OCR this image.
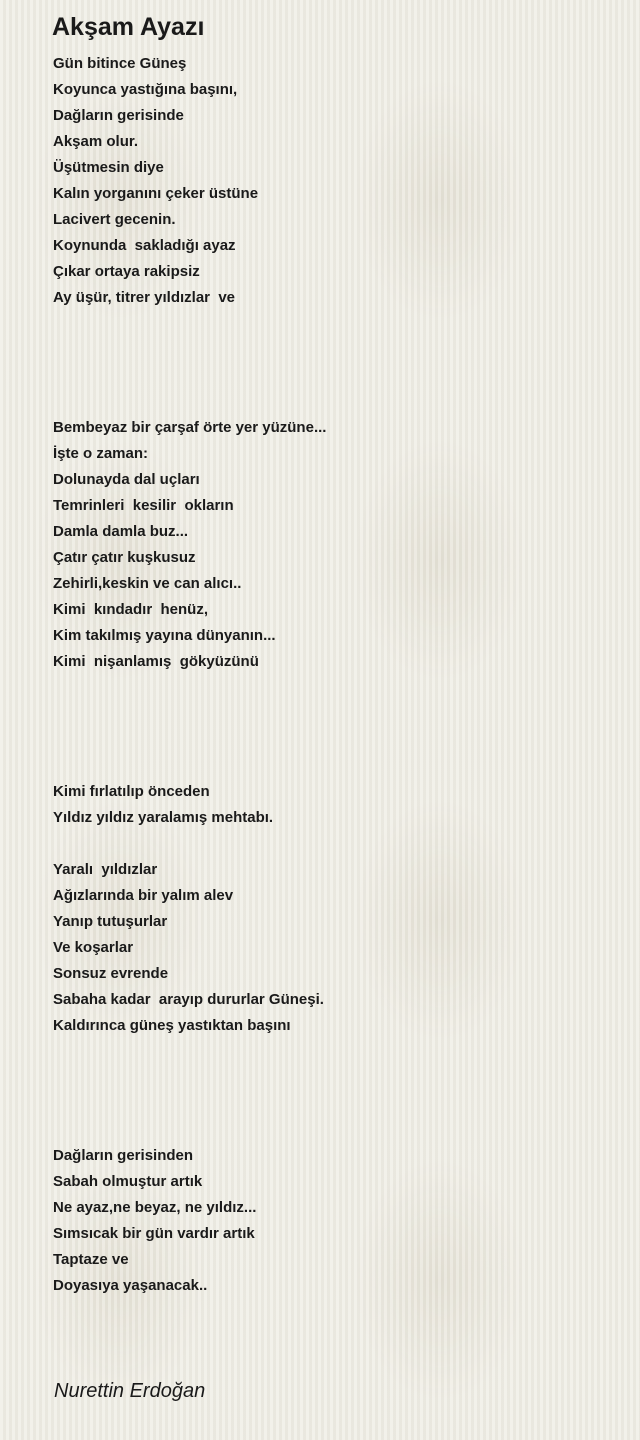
Akşam Ayazı
Gün bitince Güneş
Koyunca yastığına başını,
Dağların gerisinde
Akşam olur.
Üşütmesin diye
Kalın yorganını çeker üstüne
Lacivert gecenin.
Koynunda  sakladığı ayaz
Çıkar ortaya rakipsiz
Ay üşür, titrer yıldızlar  ve
Bembeyaz bir çarşaf örte yer yüzüne...
İşte o zaman:
Dolunayda dal uçları
Temrinleri  kesilir  okların
Damla damla buz...
Çatır çatır kuşkusuz
Zehirli,keskin ve can alıcı..
Kimi  kındadır  henüz,
Kim takılmış yayına dünyanın...
Kimi  nişanlamış  gökyüzünü
Kimi fırlatılıp önceden
Yıldız yıldız yaralamış mehtabı.
Yaralı  yıldızlar
Ağızlarında bir yalım alev
Yanıp tutuşurlar
Ve koşarlar
Sonsuz evrende
Sabaha kadar  arayıp dururlar Güneşi.
Kaldırınca güneş yastıktan başını
Dağların gerisinden
Sabah olmuştur artık
Ne ayaz,ne beyaz, ne yıldız...
Sımsıcak bir gün vardır artık
Taptaze ve
Doyasıya yaşanacak..
Nurettin Erdoğan
